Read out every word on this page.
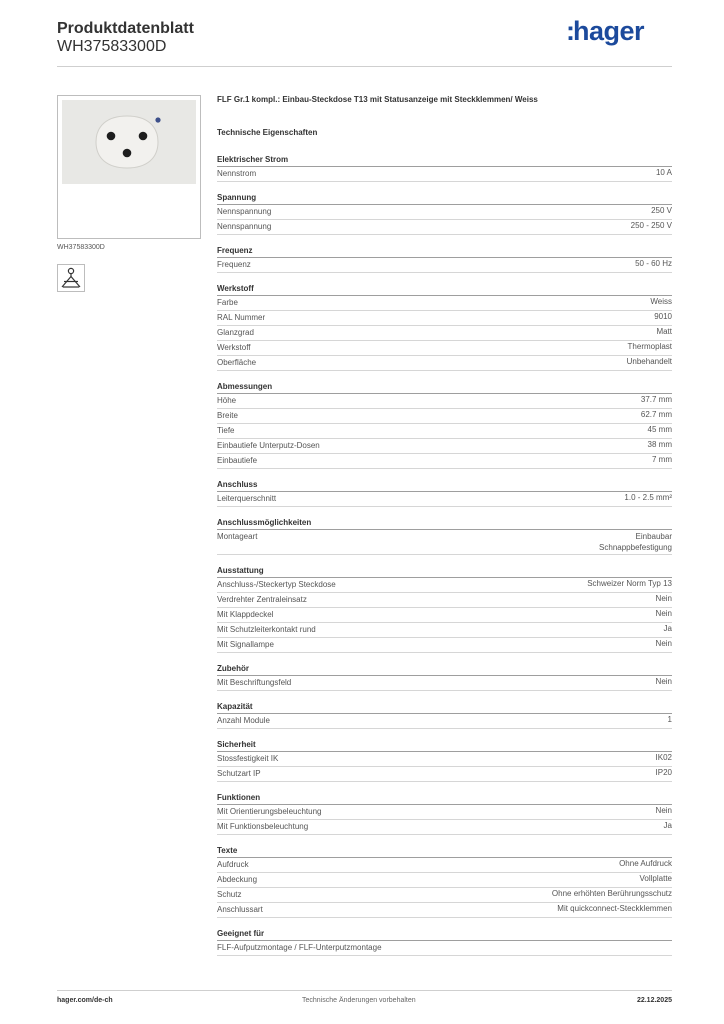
Produktdatenblatt
WH37583300D
:hager
WH37583300D
FLF Gr.1 kompl.: Einbau-Steckdose T13 mit Statusanzeige mit Steckklemmen/ Weiss
Technische Eigenschaften
Elektrischer Strom
Nennstrom	10 A
Spannung
Nennspannung	250 V
Nennspannung	250 - 250 V
Frequenz
Frequenz	50 - 60 Hz
Werkstoff
Farbe	Weiss
RAL Nummer	9010
Glanzgrad	Matt
Werkstoff	Thermoplast
Oberfläche	Unbehandelt
Abmessungen
Höhe	37.7 mm
Breite	62.7 mm
Tiefe	45 mm
Einbautiefe Unterputz-Dosen	38 mm
Einbautiefe	7 mm
Anschluss
Leiterquerschnitt	1.0 - 2.5 mm²
Anschlussmöglichkeiten
Montageart	Einbaubar
Schnappbefestigung
Ausstattung
Anschluss-/Steckertyp Steckdose	Schweizer Norm Typ 13
Verdrehter Zentraleinsatz	Nein
Mit Klappdeckel	Nein
Mit Schutzleiterkontakt rund	Ja
Mit Signallampe	Nein
Zubehör
Mit Beschriftungsfeld	Nein
Kapazität
Anzahl Module	1
Sicherheit
Stossfestigkeit IK	IK02
Schutzart IP	IP20
Funktionen
Mit Orientierungsbeleuchtung	Nein
Mit Funktionsbeleuchtung	Ja
Texte
Aufdruck	Ohne Aufdruck
Abdeckung	Vollplatte
Schutz	Ohne erhöhten Berührungsschutz
Anschlussart	Mit quickconnect-Steckklemmen
Geeignet für
FLF-Aufputzmontage / FLF-Unterputzmontage
hager.com/de-ch	Technische Änderungen vorbehalten	22.12.2025
